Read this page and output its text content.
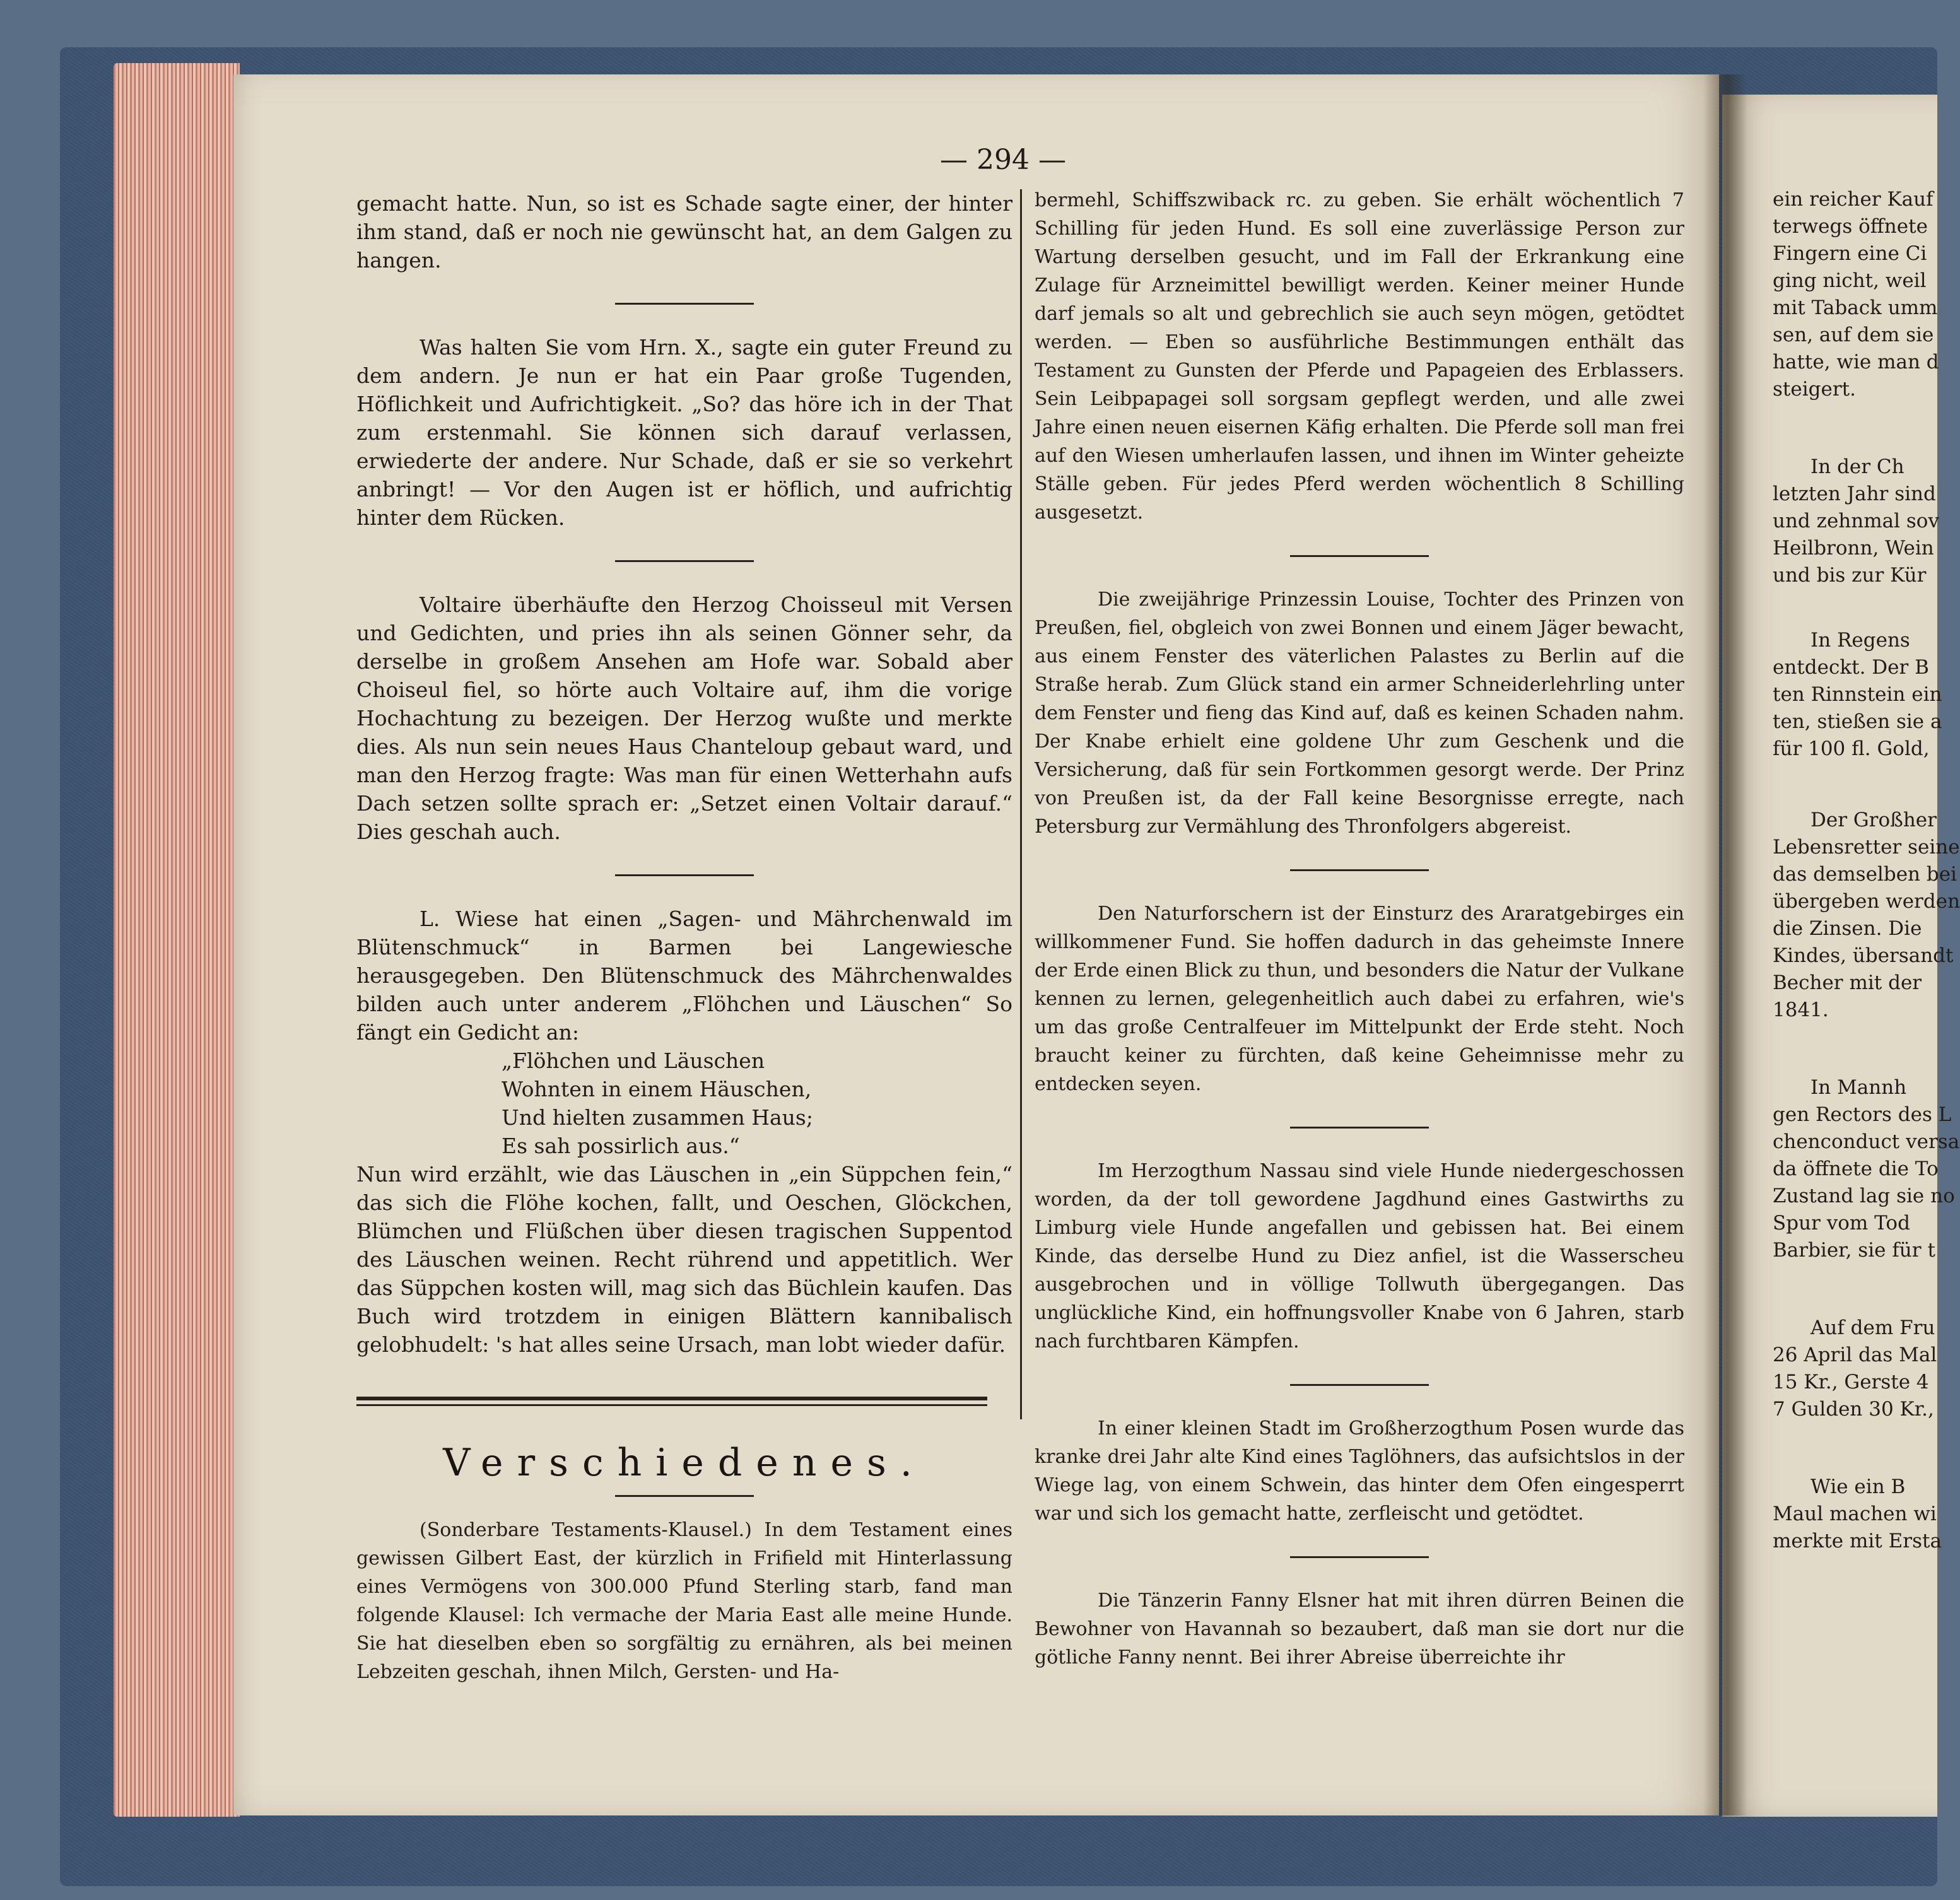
— 294 —

gemacht hatte. Nun, so ist es Schade sagte einer, der hinter ihm stand, daß er noch nie gewünscht hat, an dem Galgen zu hangen.

Was halten Sie vom Hrn. X., sagte ein guter Freund zu dem andern. Je nun er hat ein Paar große Tugenden, Höflichkeit und Aufrichtigkeit. „So? das höre ich in der That zum erstenmahl. Sie können sich darauf verlassen, erwiederte der andere. Nur Schade, daß er sie so verkehrt anbringt! — Vor den Augen ist er höflich, und aufrichtig hinter dem Rücken.

Voltaire überhäufte den Herzog Choisseul mit Versen und Gedichten, und pries ihn als seinen Gönner sehr, da derselbe in großem Ansehen am Hofe war. Sobald aber Choiseul fiel, so hörte auch Voltaire auf, ihm die vorige Hochachtung zu bezeigen. Der Herzog wußte und merkte dies. Als nun sein neues Haus Chanteloup gebaut ward, und man den Herzog fragte: Was man für einen Wetterhahn aufs Dach setzen sollte sprach er: „Setzet einen Voltair darauf.“ Dies geschah auch.

L. Wiese hat einen „Sagen- und Mährchenwald im Blütenschmuck“ in Barmen bei Langewiesche herausgegeben. Den Blütenschmuck des Mährchenwaldes bilden auch unter anderem „Flöhchen und Läuschen“ So fängt ein Gedicht an:

„Flöhchen und Läuschen
Wohnten in einem Häuschen,
Und hielten zusammen Haus;
Es sah possirlich aus.“

Nun wird erzählt, wie das Läuschen in „ein Süppchen fein,“ das sich die Flöhe kochen, fallt, und Oeschen, Glöckchen, Blümchen und Flüßchen über diesen tragischen Suppentod des Läuschen weinen. Recht rührend und appetitlich. Wer das Süppchen kosten will, mag sich das Büchlein kaufen. Das Buch wird trotzdem in einigen Blättern kannibalisch gelobhudelt: 's hat alles seine Ursach, man lobt wieder dafür.

Verschiedenes.

(Sonderbare Testaments-Klausel.) In dem Testament eines gewissen Gilbert East, der kürzlich in Frifield mit Hinterlassung eines Vermögens von 300.000 Pfund Sterling starb, fand man folgende Klausel: Ich vermache der Maria East alle meine Hunde. Sie hat dieselben eben so sorgfältig zu ernähren, als bei meinen Lebzeiten geschah, ihnen Milch, Gersten- und Ha-

bermehl, Schiffszwiback rc. zu geben. Sie erhält wöchentlich 7 Schilling für jeden Hund. Es soll eine zuverlässige Person zur Wartung derselben gesucht, und im Fall der Erkrankung eine Zulage für Arzneimittel bewilligt werden. Keiner meiner Hunde darf jemals so alt und gebrechlich sie auch seyn mögen, getödtet werden. — Eben so ausführliche Bestimmungen enthält das Testament zu Gunsten der Pferde und Papageien des Erblassers. Sein Leibpapagei soll sorgsam gepflegt werden, und alle zwei Jahre einen neuen eisernen Käfig erhalten. Die Pferde soll man frei auf den Wiesen umherlaufen lassen, und ihnen im Winter geheizte Ställe geben. Für jedes Pferd werden wöchentlich 8 Schilling ausgesetzt.

Die zweijährige Prinzessin Louise, Tochter des Prinzen von Preußen, fiel, obgleich von zwei Bonnen und einem Jäger bewacht, aus einem Fenster des väterlichen Palastes zu Berlin auf die Straße herab. Zum Glück stand ein armer Schneiderlehrling unter dem Fenster und fieng das Kind auf, daß es keinen Schaden nahm. Der Knabe erhielt eine goldene Uhr zum Geschenk und die Versicherung, daß für sein Fortkommen gesorgt werde. Der Prinz von Preußen ist, da der Fall keine Besorgnisse erregte, nach Petersburg zur Vermählung des Thronfolgers abgereist.

Den Naturforschern ist der Einsturz des Araratgebirges ein willkommener Fund. Sie hoffen dadurch in das geheimste Innere der Erde einen Blick zu thun, und besonders die Natur der Vulkane kennen zu lernen, gelegenheitlich auch dabei zu erfahren, wie's um das große Centralfeuer im Mittelpunkt der Erde steht. Noch braucht keiner zu fürchten, daß keine Geheimnisse mehr zu entdecken seyen.

Im Herzogthum Nassau sind viele Hunde niedergeschossen worden, da der toll gewordene Jagdhund eines Gastwirths zu Limburg viele Hunde angefallen und gebissen hat. Bei einem Kinde, das derselbe Hund zu Diez anfiel, ist die Wasserscheu ausgebrochen und in völlige Tollwuth übergegangen. Das unglückliche Kind, ein hoffnungsvoller Knabe von 6 Jahren, starb nach furchtbaren Kämpfen.

In einer kleinen Stadt im Großherzogthum Posen wurde das kranke drei Jahr alte Kind eines Taglöhners, das aufsichtslos in der Wiege lag, von einem Schwein, das hinter dem Ofen eingesperrt war und sich los gemacht hatte, zerfleischt und getödtet.

Die Tänzerin Fanny Elsner hat mit ihren dürren Beinen die Bewohner von Havannah so bezaubert, daß man sie dort nur die götliche Fanny nennt. Bei ihrer Abreise überreichte ihr

ein reicher Kauf

terwegs öffnete

Fingern eine Ci

ging nicht, weil

mit Taback umm

sen, auf dem sie

hatte, wie man d

steigert.

In der Ch

letzten Jahr sind

und zehnmal sov

Heilbronn, Wein

und bis zur Kür

In Regens

entdeckt. Der B

ten Rinnstein ein

ten, stießen sie a

für 100 fl. Gold,

Der Großher

Lebensretter seine

das demselben bei

übergeben werden

die Zinsen. Die

Kindes, übersandt

Becher mit der

1841.

In Mannh

gen Rectors des L

chenconduct versa

da öffnete die To

Zustand lag sie no

Spur vom Tod

Barbier, sie für t

Auf dem Fru

26 April das Mal

15 Kr., Gerste 4

7 Gulden 30 Kr.,

Wie ein B

Maul machen wi

merkte mit Ersta
